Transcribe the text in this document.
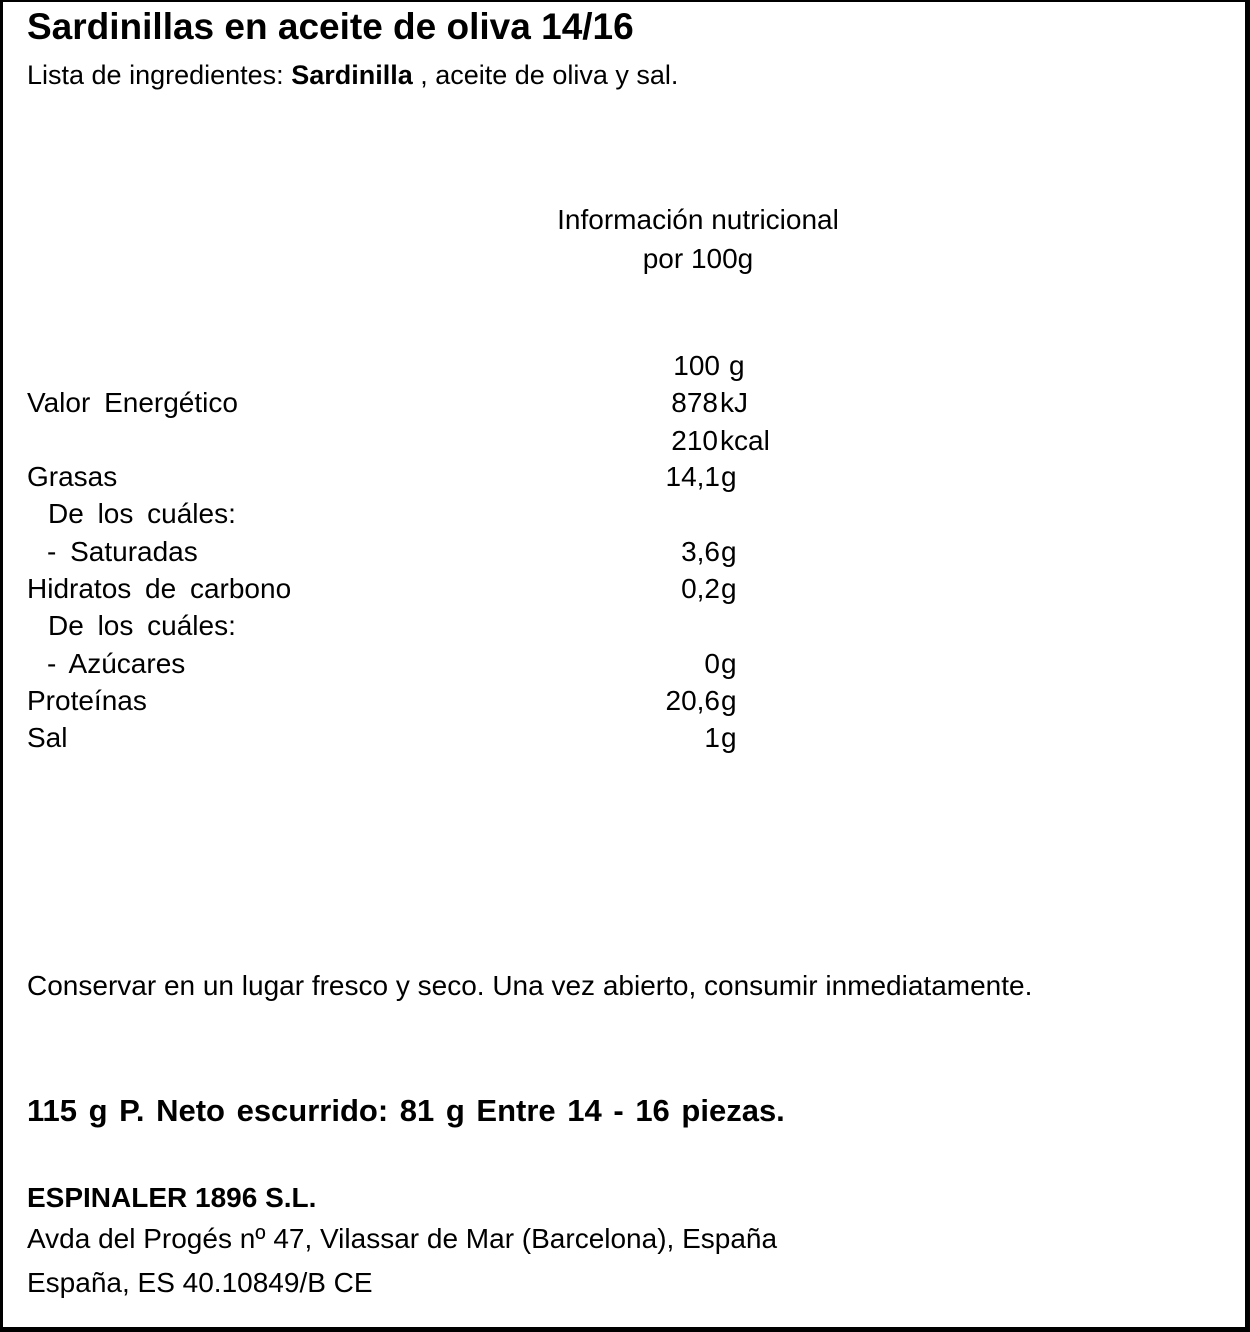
Sardinillas en aceite de oliva 14/16
Lista de ingredientes: Sardinilla , aceite de oliva y sal.
Información nutricional
por 100g
100 g
Valor Energético	878 kJ
210 kcal
Grasas	14,1 g
De los cuáles:
- Saturadas	3,6 g
Hidratos de carbono	0,2 g
De los cuáles:
- Azúcares	0 g
Proteínas	20,6 g
Sal	1 g
Conservar en un lugar fresco y seco. Una vez abierto, consumir inmediatamente.
115 g P. Neto escurrido: 81 g Entre 14 - 16 piezas.
ESPINALER 1896 S.L.
Avda del Progés nº 47, Vilassar de Mar (Barcelona), España
España, ES 40.10849/B CE
